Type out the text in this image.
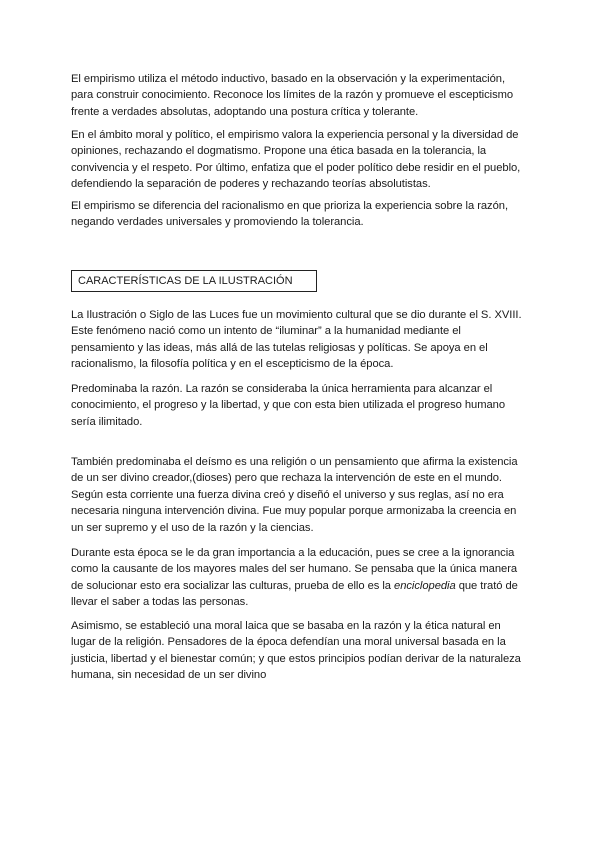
El empirismo utiliza el método inductivo, basado en la observación y la experimentación,
para construir conocimiento. Reconoce los límites de la razón y promueve el escepticismo
frente a verdades absolutas, adoptando una postura crítica y tolerante.

En el ámbito moral y político, el empirismo valora la experiencia personal y la diversidad de
opiniones, rechazando el dogmatismo. Propone una ética basada en la tolerancia, la
convivencia y el respeto. Por último, enfatiza que el poder político debe residir en el pueblo,
defendiendo la separación de poderes y rechazando teorías absolutistas.

El empirismo se diferencia del racionalismo en que prioriza la experiencia sobre la razón,
negando verdades universales y promoviendo la tolerancia.

CARACTERÍSTICAS DE LA ILUSTRACIÓN

La Ilustración o Siglo de las Luces fue un movimiento cultural que se dio durante el S. XVIII.
Este fenómeno nació como un intento de “iluminar” a la humanidad mediante el
pensamiento y las ideas, más allá de las tutelas religiosas y políticas. Se apoya en el
racionalismo, la filosofía política y en el escepticismo de la época.

Predominaba la razón. La razón se consideraba la única herramienta para alcanzar el
conocimiento, el progreso y la libertad, y que con esta bien utilizada el progreso humano
sería ilimitado.

También predominaba el deísmo es una religión o un pensamiento que afirma la existencia
de un ser divino creador,(dioses) pero que rechaza la intervención de este en el mundo.
Según esta corriente una fuerza divina creó y diseñó el universo y sus reglas, así no era
necesaria ninguna intervención divina. Fue muy popular porque armonizaba la creencia en
un ser supremo y el uso de la razón y la ciencias.

Durante esta época se le da gran importancia a la educación, pues se cree a la ignorancia
como la causante de los mayores males del ser humano. Se pensaba que la única manera
de solucionar esto era socializar las culturas, prueba de ello es la enciclopedia que trató de
llevar el saber a todas las personas.

Asimismo, se estableció una moral laica que se basaba en la razón y la ética natural en
lugar de la religión. Pensadores de la época defendían una moral universal basada en la
justicia, libertad y el bienestar común; y que estos principios podían derivar de la naturaleza
humana, sin necesidad de un ser divino
